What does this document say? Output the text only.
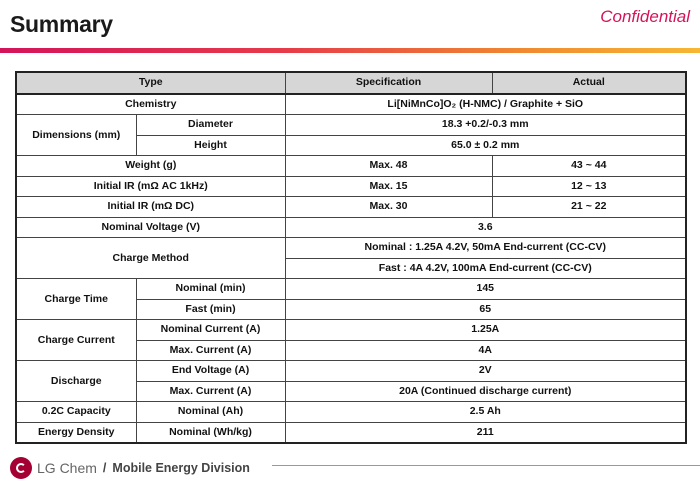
Summary	Confidential
Type		Specification	Actual
Chemistry		Li[NiMnCo]O₂ (H-NMC) / Graphite + SiO	
Dimensions (mm)	Diameter	18.3 +0.2/-0.3 mm	
	Height	65.0 ± 0.2 mm	
Weight (g)		Max. 48	43 ~ 44
Initial IR (mΩ AC 1kHz)		Max. 15	12 ~ 13
Initial IR (mΩ DC)		Max. 30	21 ~ 22
Nominal Voltage (V)		3.6	
Charge Method		Nominal : 1.25A 4.2V, 50mA End-current (CC-CV)	
		Fast : 4A 4.2V, 100mA End-current (CC-CV)	
Charge Time	Nominal (min)	145	
	Fast (min)	65	
Charge Current	Nominal Current (A)	1.25A	
	Max. Current (A)	4A	
Discharge	End Voltage (A)	2V	
	Max. Current (A)	20A (Continued discharge current)	
0.2C Capacity	Nominal (Ah)	2.5 Ah	
Energy Density	Nominal (Wh/kg)	211	
LG Chem / Mobile Energy Division
